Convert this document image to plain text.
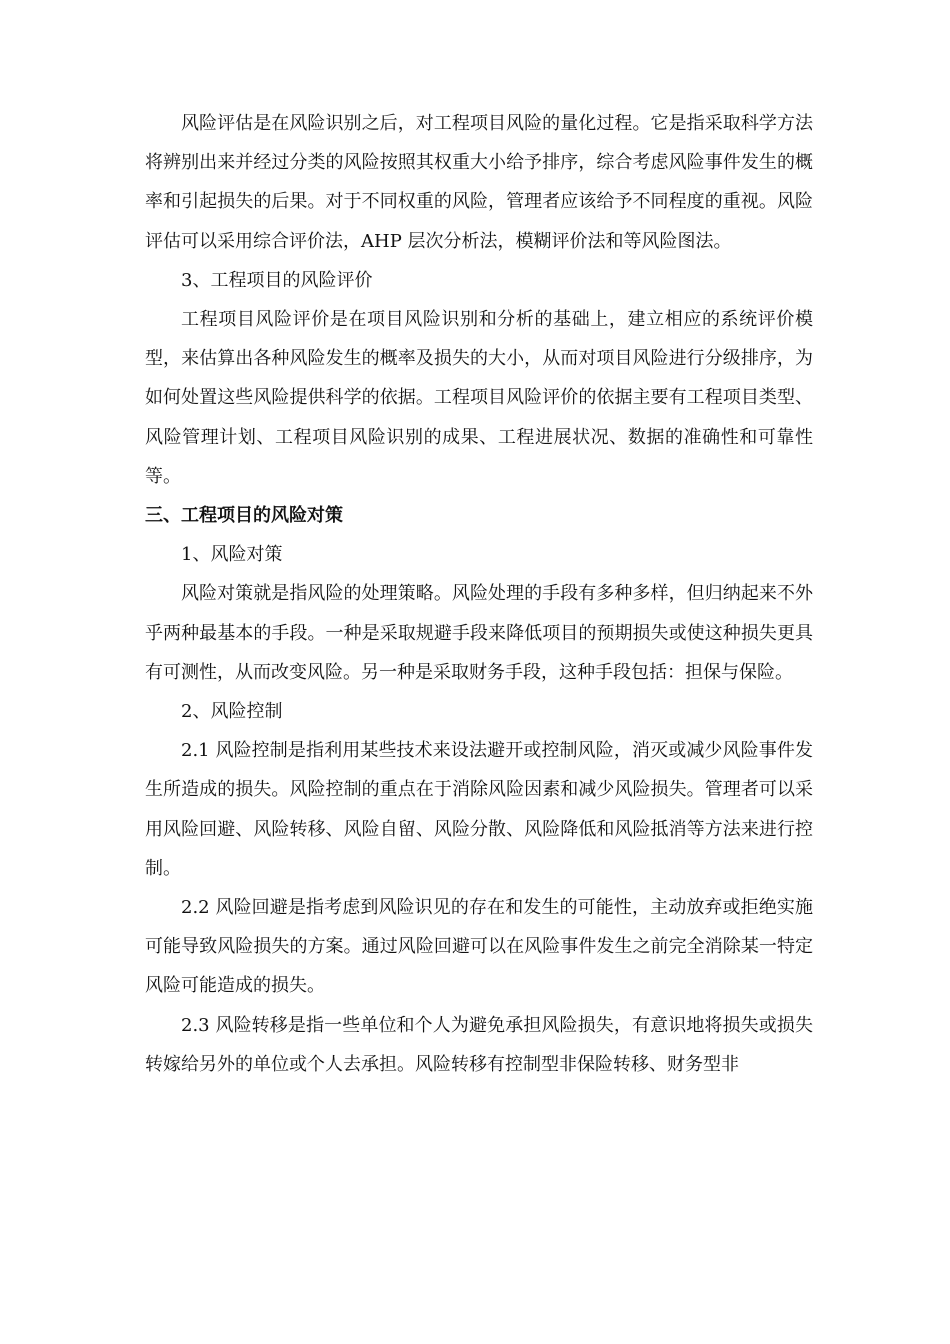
风险评估是在风险识别之后，对工程项目风险的量化过程。它是指采取科学方法将辨别出来并经过分类的风险按照其权重大小给予排序，综合考虑风险事件发生的概率和引起损失的后果。对于不同权重的风险，管理者应该给予不同程度的重视。风险评估可以采用综合评价法，AHP 层次分析法，模糊评价法和等风险图法。

3、工程项目的风险评价

工程项目风险评价是在项目风险识别和分析的基础上，建立相应的系统评价模型，来估算出各种风险发生的概率及损失的大小，从而对项目风险进行分级排序，为如何处置这些风险提供科学的依据。工程项目风险评价的依据主要有工程项目类型、风险管理计划、工程项目风险识别的成果、工程进展状况、数据的准确性和可靠性等。

三、工程项目的风险对策

1、风险对策

风险对策就是指风险的处理策略。风险处理的手段有多种多样，但归纳起来不外乎两种最基本的手段。一种是采取规避手段来降低项目的预期损失或使这种损失更具有可测性，从而改变风险。另一种是采取财务手段，这种手段包括：担保与保险。

2、风险控制

2.1 风险控制是指利用某些技术来设法避开或控制风险，消灭或减少风险事件发生所造成的损失。风险控制的重点在于消除风险因素和减少风险损失。管理者可以采用风险回避、风险转移、风险自留、风险分散、风险降低和风险抵消等方法来进行控制。

2.2 风险回避是指考虑到风险识见的存在和发生的可能性，主动放弃或拒绝实施可能导致风险损失的方案。通过风险回避可以在风险事件发生之前完全消除某一特定风险可能造成的损失。

2.3 风险转移是指一些单位和个人为避免承担风险损失，有意识地将损失或损失转嫁给另外的单位或个人去承担。风险转移有控制型非保险转移、财务型非
